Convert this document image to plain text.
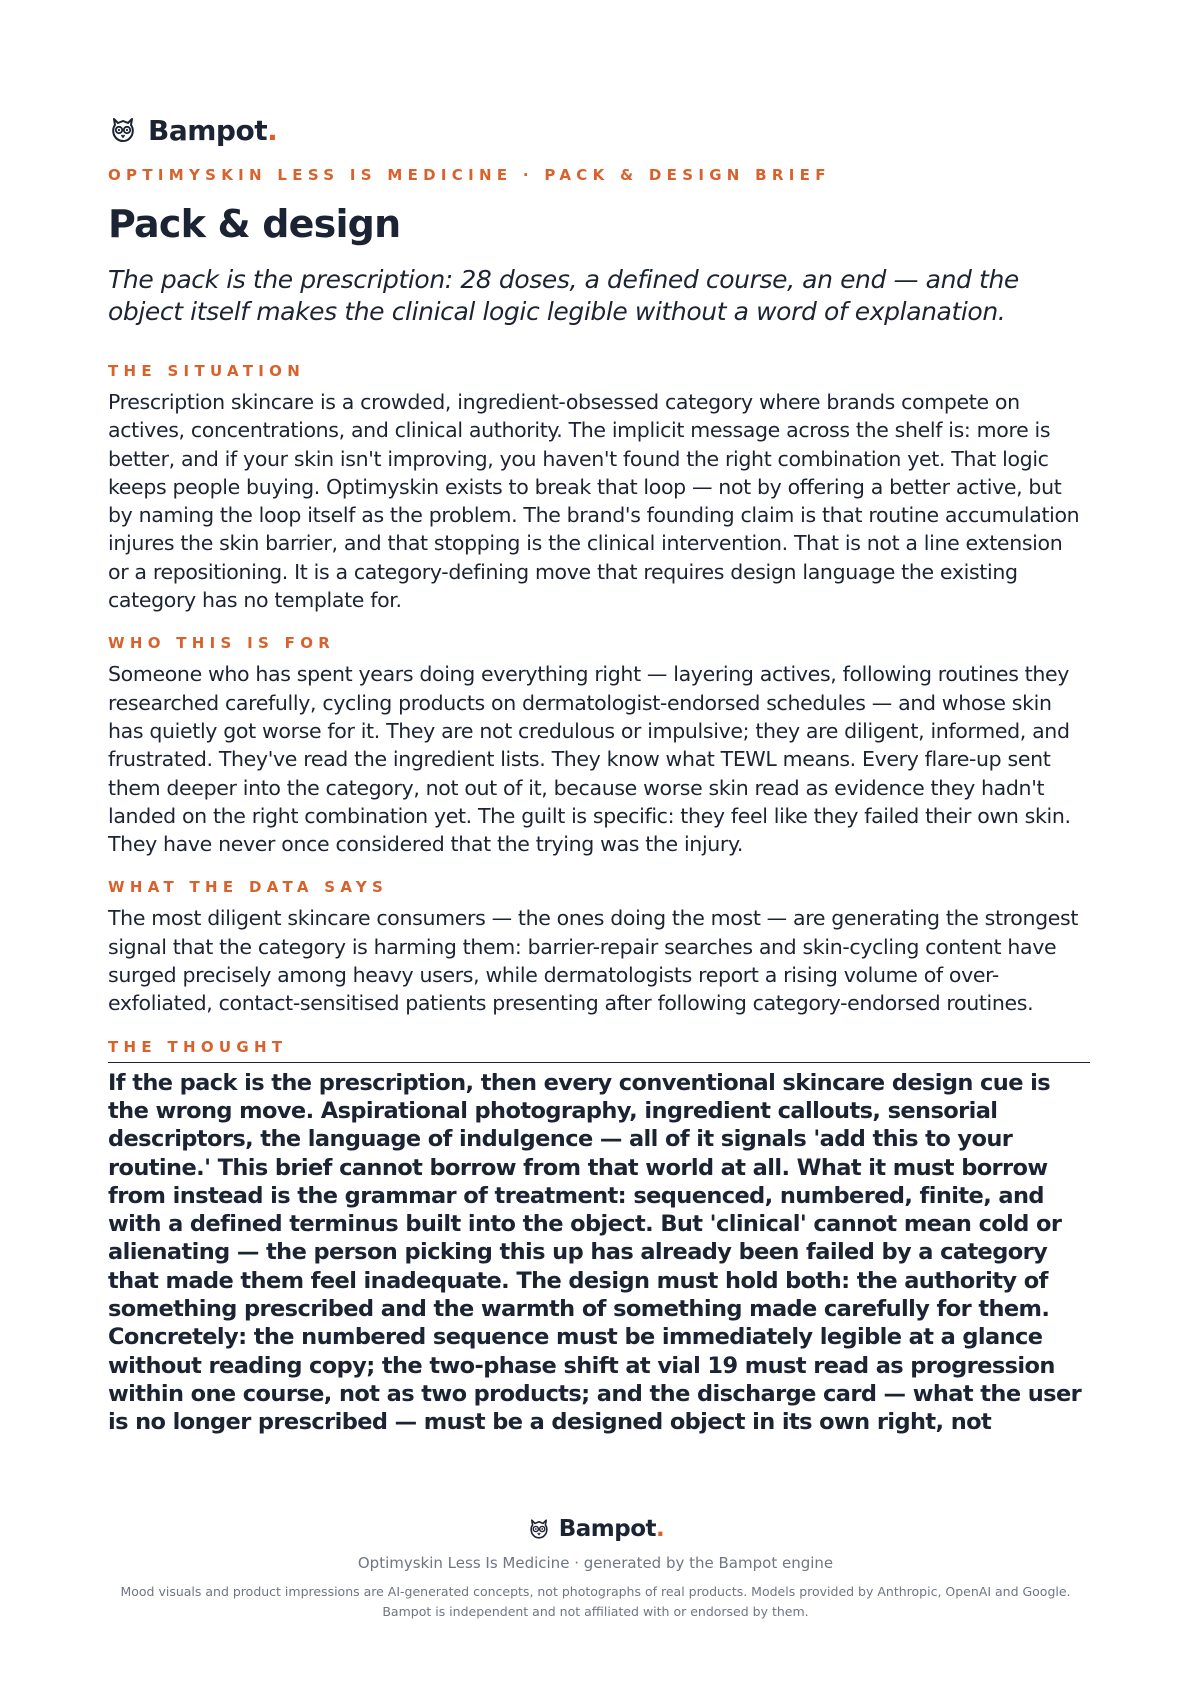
Bampot.
OPTIMYSKIN LESS IS MEDICINE · PACK & DESIGN BRIEF
Pack & design
The pack is the prescription: 28 doses, a defined course, an end — and the object itself makes the clinical logic legible without a word of explanation.
THE SITUATION
Prescription skincare is a crowded, ingredient-obsessed category where brands compete on actives, concentrations, and clinical authority. The implicit message across the shelf is: more is better, and if your skin isn't improving, you haven't found the right combination yet. That logic keeps people buying. Optimyskin exists to break that loop — not by offering a better active, but by naming the loop itself as the problem. The brand's founding claim is that routine accumulation injures the skin barrier, and that stopping is the clinical intervention. That is not a line extension or a repositioning. It is a category-defining move that requires design language the existing category has no template for.
WHO THIS IS FOR
Someone who has spent years doing everything right — layering actives, following routines they researched carefully, cycling products on dermatologist-endorsed schedules — and whose skin has quietly got worse for it. They are not credulous or impulsive; they are diligent, informed, and frustrated. They've read the ingredient lists. They know what TEWL means. Every flare-up sent them deeper into the category, not out of it, because worse skin read as evidence they hadn't landed on the right combination yet. The guilt is specific: they feel like they failed their own skin. They have never once considered that the trying was the injury.
WHAT THE DATA SAYS
The most diligent skincare consumers — the ones doing the most — are generating the strongest signal that the category is harming them: barrier-repair searches and skin-cycling content have surged precisely among heavy users, while dermatologists report a rising volume of over-exfoliated, contact-sensitised patients presenting after following category-endorsed routines.
THE THOUGHT
If the pack is the prescription, then every conventional skincare design cue is the wrong move. Aspirational photography, ingredient callouts, sensorial descriptors, the language of indulgence — all of it signals 'add this to your routine.' This brief cannot borrow from that world at all. What it must borrow from instead is the grammar of treatment: sequenced, numbered, finite, and with a defined terminus built into the object. But 'clinical' cannot mean cold or alienating — the person picking this up has already been failed by a category that made them feel inadequate. The design must hold both: the authority of something prescribed and the warmth of something made carefully for them. Concretely: the numbered sequence must be immediately legible at a glance without reading copy; the two-phase shift at vial 19 must read as progression within one course, not as two products; and the discharge card — what the user is no longer prescribed — must be a designed object in its own right, not
Bampot.
Optimyskin Less Is Medicine · generated by the Bampot engine
Mood visuals and product impressions are AI-generated concepts, not photographs of real products. Models provided by Anthropic, OpenAI and Google. Bampot is independent and not affiliated with or endorsed by them.
